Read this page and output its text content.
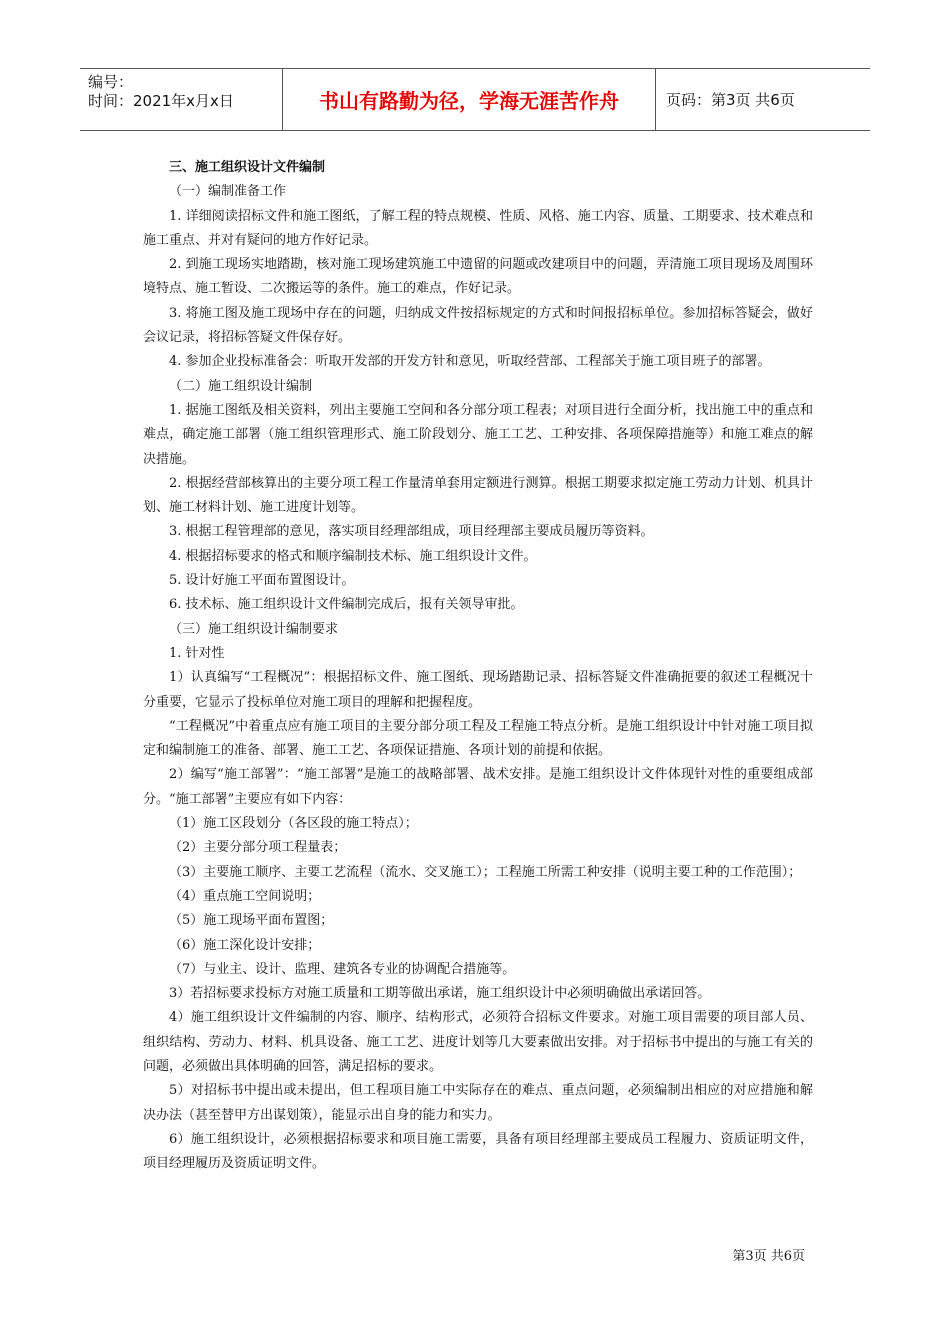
编号：
时间：2021年x月x日	书山有路勤为径，学海无涯苦作舟	页码：第3页 共6页

三、施工组织设计文件编制

（一）编制准备工作

1. 详细阅读招标文件和施工图纸，了解工程的特点规模、性质、风格、施工内容、质量、工期要求、技术难点和施工重点、并对有疑问的地方作好记录。

2. 到施工现场实地踏勘，核对施工现场建筑施工中遗留的问题或改建项目中的问题，弄清施工项目现场及周围环境特点、施工暂设、二次搬运等的条件。施工的难点，作好记录。

3. 将施工图及施工现场中存在的问题，归纳成文件按招标规定的方式和时间报招标单位。参加招标答疑会，做好会议记录，将招标答疑文件保存好。

4. 参加企业投标准备会：听取开发部的开发方针和意见，听取经营部、工程部关于施工项目班子的部署。

（二）施工组织设计编制

1. 据施工图纸及相关资料，列出主要施工空间和各分部分项工程表；对项目进行全面分析，找出施工中的重点和难点，确定施工部署（施工组织管理形式、施工阶段划分、施工工艺、工种安排、各项保障措施等）和施工难点的解决措施。

2. 根据经营部核算出的主要分项工程工作量清单套用定额进行测算。根据工期要求拟定施工劳动力计划、机具计划、施工材料计划、施工进度计划等。

3. 根据工程管理部的意见，落实项目经理部组成，项目经理部主要成员履历等资料。

4. 根据招标要求的格式和顺序编制技术标、施工组织设计文件。

5. 设计好施工平面布置图设计。

6. 技术标、施工组织设计文件编制完成后，报有关领导审批。

（三）施工组织设计编制要求

1. 针对性

1）认真编写“工程概况”：根据招标文件、施工图纸、现场踏勘记录、招标答疑文件准确扼要的叙述工程概况十分重要，它显示了投标单位对施工项目的理解和把握程度。

“工程概况”中着重点应有施工项目的主要分部分项工程及工程施工特点分析。是施工组织设计中针对施工项目拟定和编制施工的准备、部署、施工工艺、各项保证措施、各项计划的前提和依据。

2）编写“施工部署”：“施工部署”是施工的战略部署、战术安排。是施工组织设计文件体现针对性的重要组成部分。“施工部署”主要应有如下内容：

（1）施工区段划分（各区段的施工特点）；

（2）主要分部分项工程量表；

（3）主要施工顺序、主要工艺流程（流水、交叉施工）；工程施工所需工种安排（说明主要工种的工作范围）；

（4）重点施工空间说明；

（5）施工现场平面布置图；

（6）施工深化设计安排；

（7）与业主、设计、监理、建筑各专业的协调配合措施等。

3）若招标要求投标方对施工质量和工期等做出承诺，施工组织设计中必须明确做出承诺回答。

4）施工组织设计文件编制的内容、顺序、结构形式，必须符合招标文件要求。对施工项目需要的项目部人员、组织结构、劳动力、材料、机具设备、施工工艺、进度计划等几大要素做出安排。对于招标书中提出的与施工有关的问题，必须做出具体明确的回答，满足招标的要求。

5）对招标书中提出或未提出，但工程项目施工中实际存在的难点、重点问题，必须编制出相应的对应措施和解决办法（甚至替甲方出谋划策），能显示出自身的能力和实力。

6）施工组织设计，必须根据招标要求和项目施工需要，具备有项目经理部主要成员工程履力、资质证明文件，项目经理履历及资质证明文件。

第3页 共6页
